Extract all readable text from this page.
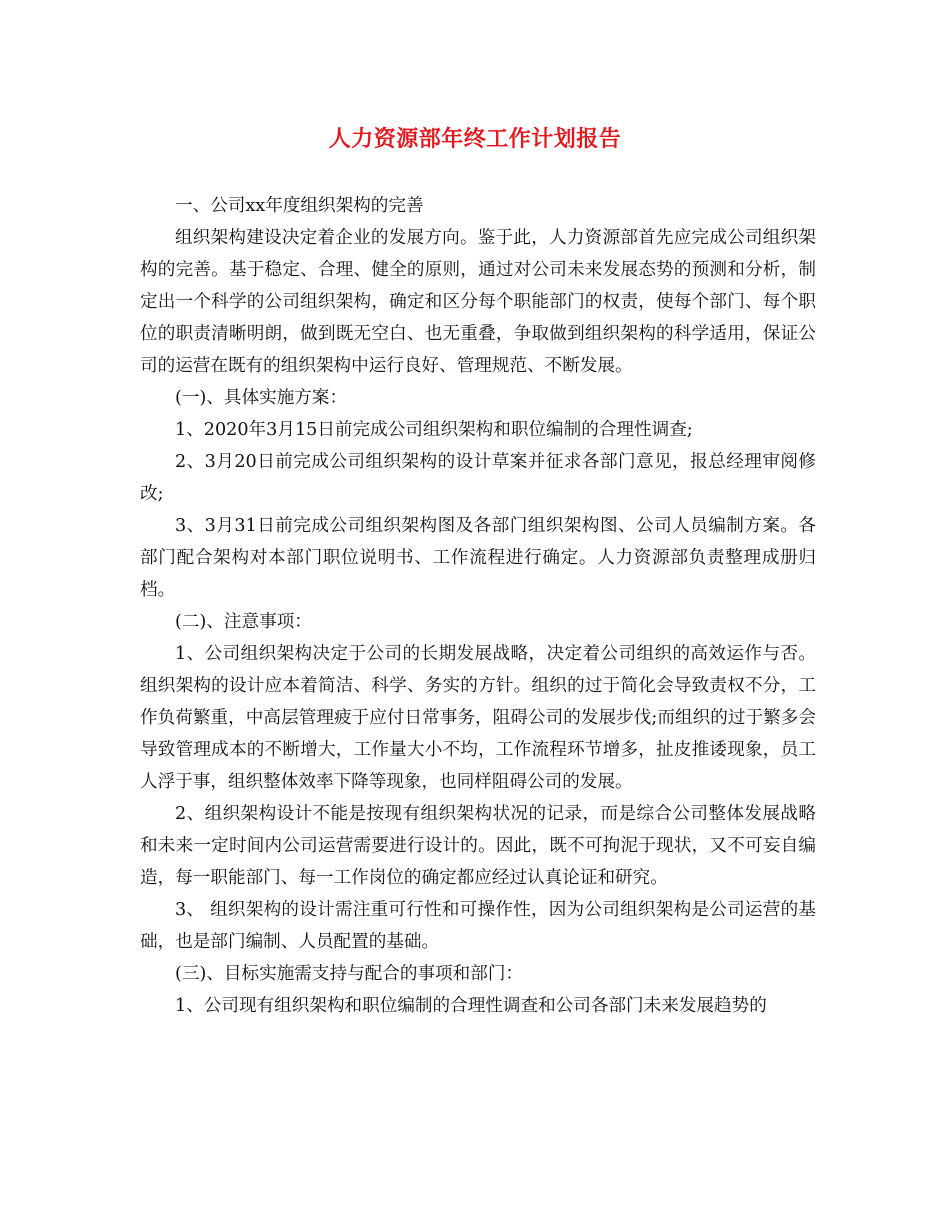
人力资源部年终工作计划报告

一、公司xx年度组织架构的完善

组织架构建设决定着企业的发展方向。鉴于此，人力资源部首先应完成公司组织架构的完善。基于稳定、合理、健全的原则，通过对公司未来发展态势的预测和分析，制定出一个科学的公司组织架构，确定和区分每个职能部门的权责，使每个部门、每个职位的职责清晰明朗，做到既无空白、也无重叠，争取做到组织架构的科学适用，保证公司的运营在既有的组织架构中运行良好、管理规范、不断发展。

(一)、具体实施方案：

1、2020年3月15日前完成公司组织架构和职位编制的合理性调查;

2、3月20日前完成公司组织架构的设计草案并征求各部门意见，报总经理审阅修改;

3、3月31日前完成公司组织架构图及各部门组织架构图、公司人员编制方案。各部门配合架构对本部门职位说明书、工作流程进行确定。人力资源部负责整理成册归档。

(二)、注意事项：

1、公司组织架构决定于公司的长期发展战略，决定着公司组织的高效运作与否。组织架构的设计应本着简洁、科学、务实的方针。组织的过于简化会导致责权不分，工作负荷繁重，中高层管理疲于应付日常事务，阻碍公司的发展步伐;而组织的过于繁多会导致管理成本的不断增大，工作量大小不均，工作流程环节增多，扯皮推诿现象，员工人浮于事，组织整体效率下降等现象，也同样阻碍公司的发展。

2、组织架构设计不能是按现有组织架构状况的记录，而是综合公司整体发展战略和未来一定时间内公司运营需要进行设计的。因此，既不可拘泥于现状，又不可妄自编造，每一职能部门、每一工作岗位的确定都应经过认真论证和研究。

3、 组织架构的设计需注重可行性和可操作性，因为公司组织架构是公司运营的基础，也是部门编制、人员配置的基础。

(三)、目标实施需支持与配合的事项和部门：

1、公司现有组织架构和职位编制的合理性调查和公司各部门未来发展趋势的
